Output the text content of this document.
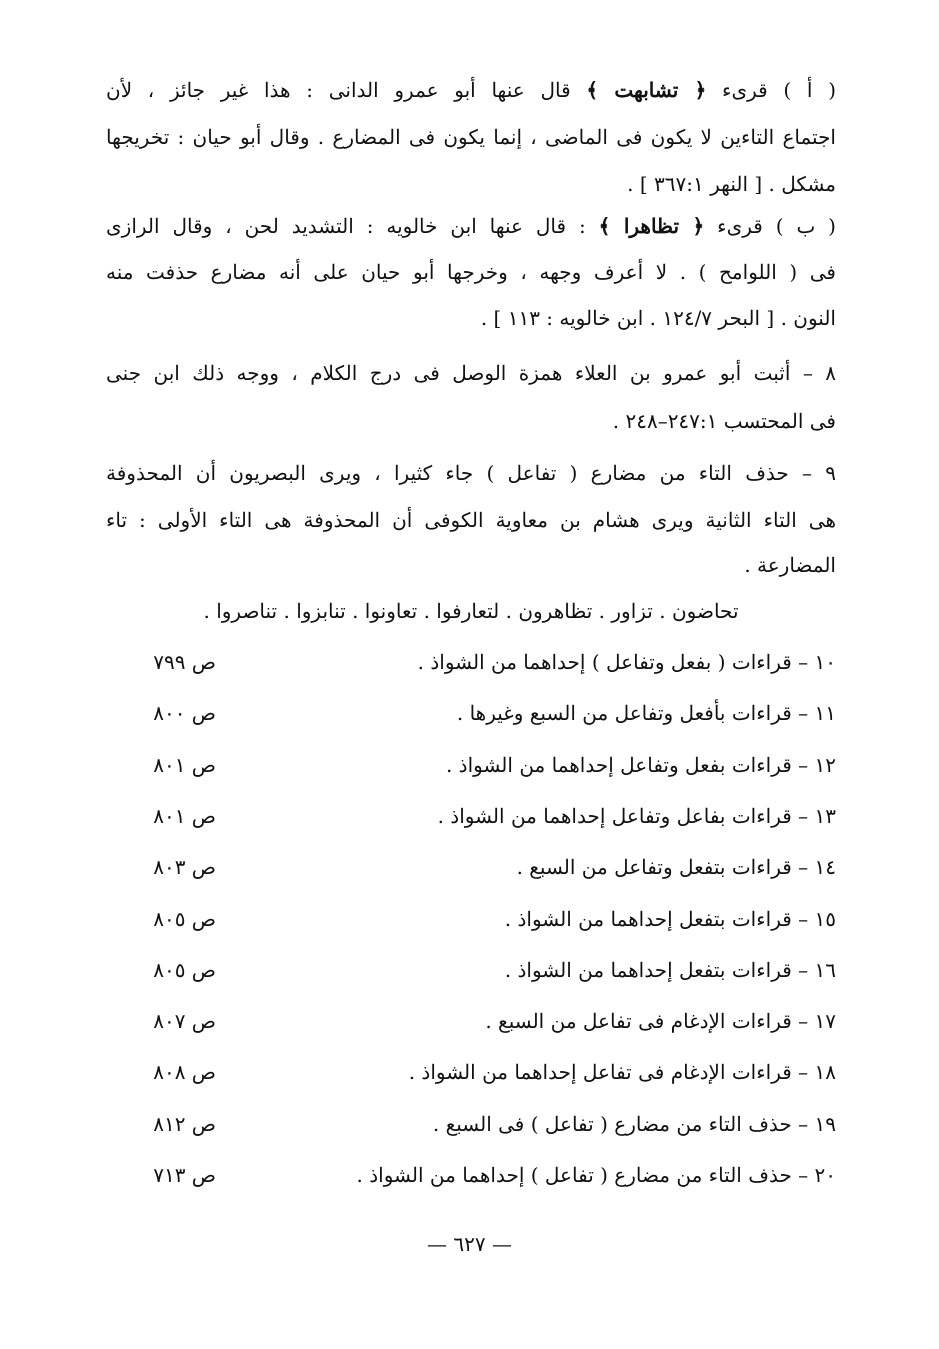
( أ ) قرىء ﴿ تشابهت ﴾ قال عنها أبو عمرو الدانى : هذا غير جائز ، لأن
اجتماع التاءين لا يكون فى الماضى ، إنما يكون فى المضارع . وقال أبو حيان : تخريجها
مشكل . [ النهر ٣٦٧:١ ] .
( ب ) قرىء ﴿ تظاهرا ﴾ : قال عنها ابن خالويه : التشديد لحن ، وقال الرازى
فى ( اللوامح ) . لا أعرف وجهه ، وخرجها أبو حيان على أنه مضارع حذفت منه
النون . [ البحر ١٢٤/٧ . ابن خالويه : ١١٣ ] .
٨ – أثبت أبو عمرو بن العلاء همزة الوصل فى درج الكلام ، ووجه ذلك ابن جنى
فى المحتسب ٢٤٧:١–٢٤٨ .
٩ – حذف التاء من مضارع ( تفاعل ) جاء كثيرا ، ويرى البصريون أن المحذوفة
هى التاء الثانية ويرى هشام بن معاوية الكوفى أن المحذوفة هى التاء الأولى : تاء
المضارعة .
تحاضون . تزاور . تظاهرون . لتعارفوا . تعاونوا . تنابزوا . تناصروا .
١٠ – قراءات ( بفعل وتفاعل ) إحداهما من الشواذ .
ص ٧٩٩
١١ – قراءات بأفعل وتفاعل من السبع وغيرها .
ص ٨٠٠
١٢ – قراءات بفعل وتفاعل إحداهما من الشواذ .
ص ٨٠١
١٣ – قراءات بفاعل وتفاعل إحداهما من الشواذ .
ص ٨٠١
١٤ – قراءات بتفعل وتفاعل من السبع .
ص ٨٠٣
١٥ – قراءات بتفعل إحداهما من الشواذ .
ص ٨٠٥
١٦ – قراءات بتفعل إحداهما من الشواذ .
ص ٨٠٥
١٧ – قراءات الإدغام فى تفاعل من السبع .
ص ٨٠٧
١٨ – قراءات الإدغام فى تفاعل إحداهما من الشواذ .
ص ٨٠٨
١٩ – حذف التاء من مضارع ( تفاعل ) فى السبع .
ص ٨١٢
٢٠ – حذف التاء من مضارع ( تفاعل ) إحداهما من الشواذ .
ص ٧١٣
— ٦٢٧ —
